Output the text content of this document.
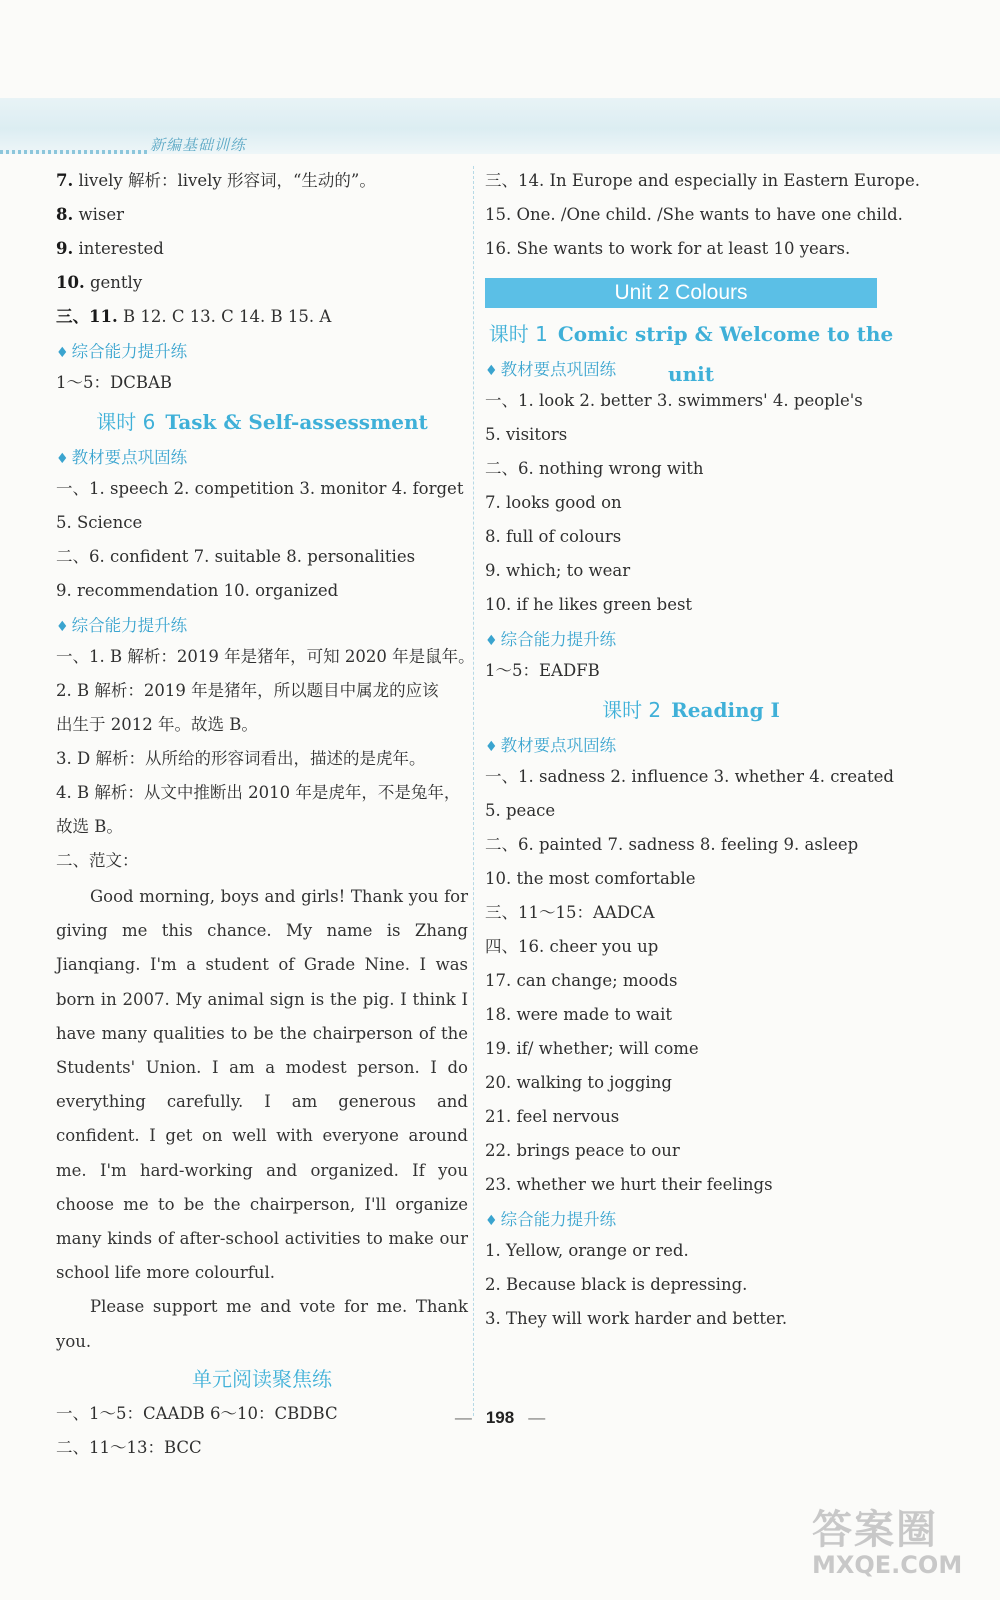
新编基础训练
7. lively 解析：lively 形容词，“生动的”。
8. wiser
9. interested
10. gently
三、11. B 12. C 13. C 14. B 15. A
♦ 综合能力提升练
1～5：DCBAB
课时 6 Task & Self-assessment
♦ 教材要点巩固练
一、1. speech 2. competition 3. monitor 4. forget
5. Science
二、6. confident 7. suitable 8. personalities
9. recommendation 10. organized
♦ 综合能力提升练
一、1. B 解析：2019 年是猪年，可知 2020 年是鼠年。
2. B 解析：2019 年是猪年，所以题目中属龙的应该
出生于 2012 年。故选 B。
3. D 解析：从所给的形容词看出，描述的是虎年。
4. B 解析：从文中推断出 2010 年是虎年，不是兔年，
故选 B。
二、范文：

Good morning, boys and girls! Thank you for giving me this chance. My name is Zhang Jianqiang. I'm a student of Grade Nine. I was born in 2007. My animal sign is the pig. I think I have many qualities to be the chairperson of the Students' Union. I am a modest person. I do everything carefully. I am generous and confident. I get on well with everyone around me. I'm hard-working and organized. If you choose me to be the chairperson, I'll organize many kinds of after-school activities to make our school life more colourful.

Please support me and vote for me. Thank you.

单元阅读聚焦练
一、1～5：CAADB 6～10：CBDBC
二、11～13：BCC
三、14. In Europe and especially in Eastern Europe.
15. One. /One child. /She wants to have one child.
16. She wants to work for at least 10 years.
Unit 2 Colours
课时 1 Comic strip & Welcome to the unit
♦ 教材要点巩固练
一、1. look 2. better 3. swimmers' 4. people's
5. visitors
二、6. nothing wrong with
7. looks good on
8. full of colours
9. which; to wear
10. if he likes green best
♦ 综合能力提升练
1～5：EADFB
课时 2 Reading Ⅰ
♦ 教材要点巩固练
一、1. sadness 2. influence 3. whether 4. created
5. peace
二、6. painted 7. sadness 8. feeling 9. asleep
10. the most comfortable
三、11～15：AADCA
四、16. cheer you up
17. can change; moods
18. were made to wait
19. if/ whether; will come
20. walking to jogging
21. feel nervous
22. brings peace to our
23. whether we hurt their feelings
♦ 综合能力提升练
1. Yellow, orange or red.
2. Because black is depressing.
3. They will work harder and better.
— 198 —
答案圈
MXQE.COM
